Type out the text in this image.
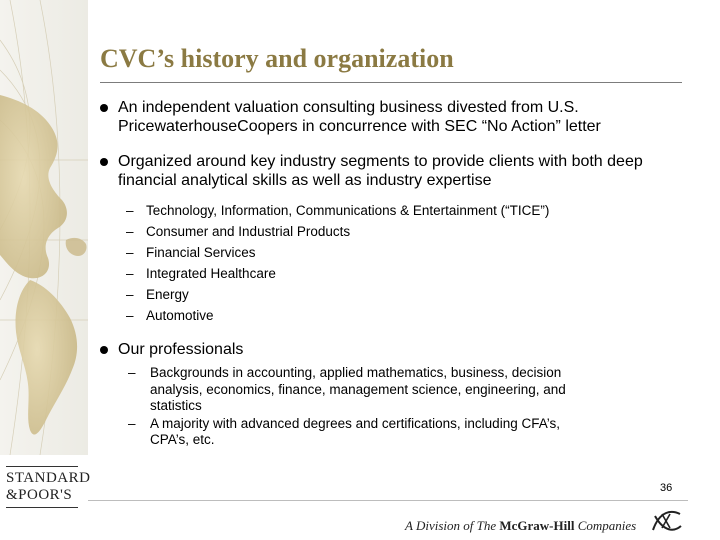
STANDARD
&POOR'S
CVC’s history and organization
An independent valuation consulting business divested from U.S. PricewaterhouseCoopers in concurrence with SEC “No Action” letter
Organized around key industry segments to provide clients with both deep financial analytical skills as well as industry expertise
– Technology, Information, Communications & Entertainment (“TICE”)
– Consumer and Industrial Products
– Financial Services
– Integrated Healthcare
– Energy
– Automotive
Our professionals
– Backgrounds in accounting, applied mathematics, business, decision analysis, economics, finance, management science, engineering, and statistics
– A majority with advanced degrees and certifications, including CFA’s, CPA’s, etc.
36
A Division of The McGraw-Hill Companies
